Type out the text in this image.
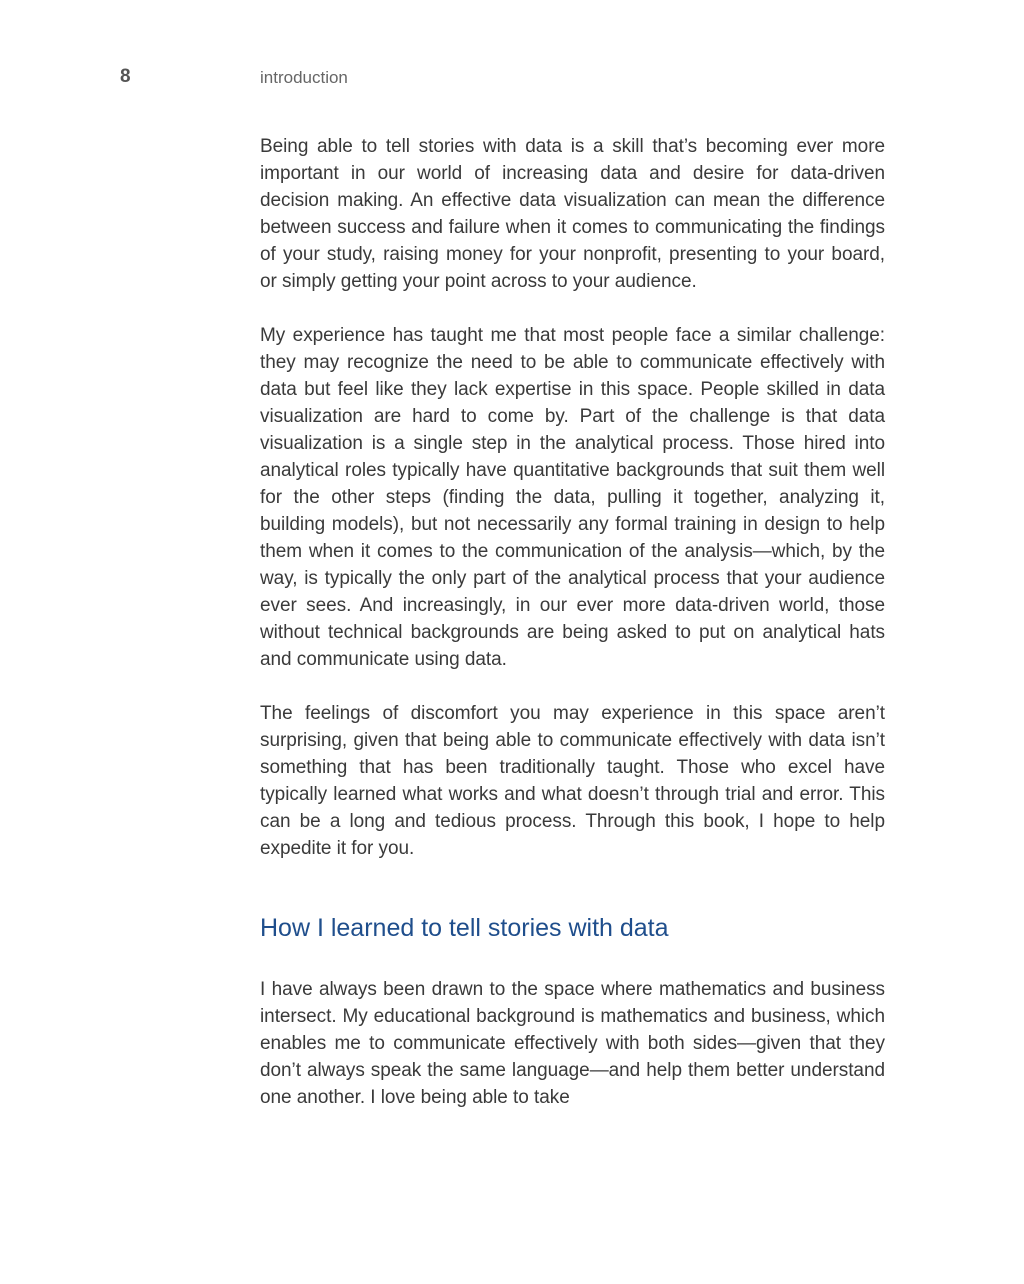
8	introduction

Being able to tell stories with data is a skill that’s becoming ever more important in our world of increasing data and desire for data-driven decision making. An effective data visualization can mean the difference between success and failure when it comes to communicating the findings of your study, raising money for your nonprofit, presenting to your board, or simply getting your point across to your audience.

My experience has taught me that most people face a similar challenge: they may recognize the need to be able to communicate effectively with data but feel like they lack expertise in this space. People skilled in data visualization are hard to come by. Part of the challenge is that data visualization is a single step in the analytical process. Those hired into analytical roles typically have quantitative backgrounds that suit them well for the other steps (finding the data, pulling it together, analyzing it, building models), but not necessarily any formal training in design to help them when it comes to the communication of the analysis—which, by the way, is typically the only part of the analytical process that your audience ever sees. And increasingly, in our ever more data-driven world, those without technical backgrounds are being asked to put on analytical hats and communicate using data.

The feelings of discomfort you may experience in this space aren’t surprising, given that being able to communicate effectively with data isn’t something that has been traditionally taught. Those who excel have typically learned what works and what doesn’t through trial and error. This can be a long and tedious process. Through this book, I hope to help expedite it for you.

How I learned to tell stories with data

I have always been drawn to the space where mathematics and business intersect. My educational background is mathematics and business, which enables me to communicate effectively with both sides—given that they don’t always speak the same language—and help them better understand one another. I love being able to take
